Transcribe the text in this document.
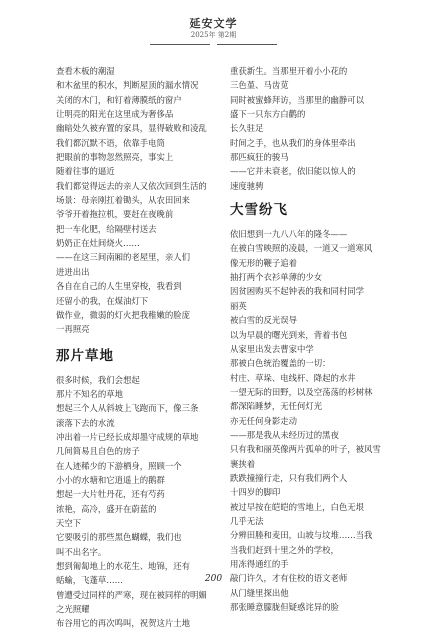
延安文学
2025年 第2期
查看木板的潮湿
和木盆里的积水，判断屋顶的漏水情况
关闭的木门，和钉着薄膜纸的窗户
让明亮的阳光在这里成为奢侈品
幽暗处久被弃置的家具，显得破败和凌乱
我们都沉默不语，依靠手电筒
把眼前的事物忽然照亮，事实上
随着往事的逼近
我们都觉得远去的亲人又依次回到生活的
场景：母亲刚扛着锄头，从农田回来
爷爷开着拖拉机，要赶在夜晚前
把一车化肥，给隔壁村送去
奶奶正在灶间烧火……
——在这三间南厢的老屋里，亲人们
进进出出
各自在自己的人生里穿梭，我看到
还留小的我，在煤油灯下
做作业，微弱的灯火把我稚嫩的脸庞
一再照亮
那片草地
很多时候，我们会想起
那片不知名的草地
想起三个人从斜坡上飞跑而下，像三条
滚落下去的水流
冲出着一片已经长成却墨守成规的草地
几间简易且自色的房子
在人迹稀少的下游栖身，照顾一个
小小的水塘和它逍遥上的鹅群
想起一大片牡丹花，还有芍药
浓艳，高冷，盛开在蔚蓝的
天空下
它要吸引的那些黑色蝴蝶，我们也
叫不出名字。
想到匍匐地上的水花生、地锦，还有
蛞蝓，飞蓬草……
曾遭受过同样的严寒，现在被同样的明媚
之光照耀
布谷用它的再次鸣叫，祝贺这片土地
重获新生。当那里开着小小花的
三色堇、马齿苋
同时被蜜蜂拜访，当那里的幽静可以
盛下一只东方白鹳的
长久驻足
时间之手，也从我们的身体里牵出
那匹疯狂的骏马
——它并未衰老，依旧能以惊人的
速度驰骋
大雪纷飞
依旧想到一九八八年的隆冬——
在被白雪映照的凌晨，一道又一道寒风
像无形的鞭子追着
抽打两个衣衫单薄的少女
因贫困购买不起钟表的我和同村同学
丽英
被白雪的反光误导
以为早晨的曙光到来，背着书包
从家里出发去曹家中学
那被白色统治覆盖的一切：
村庄、草垛、电线杆、降起的水井
一望无际的田野，以及空荡荡的杉树林
都深陷睡梦，无任何灯光
亦无任何身影走动
——那是我从未经历过的黑夜
只有我和丽英像两片孤单的叶子，被风雪
裹挟着
跌跌撞撞行走，只有我们两个人
十四岁的脚印
被过早按在皑皑的雪地上，白色无垠
几乎无法
分辨田塍和麦田，山坡与坟堆……当我
当我们赶到十里之外的学校，
用冻得通红的手
敲门许久，才有住校的语文老师
从门缝里探出他
那张睡意朦胧但疑惑诧异的脸
200
